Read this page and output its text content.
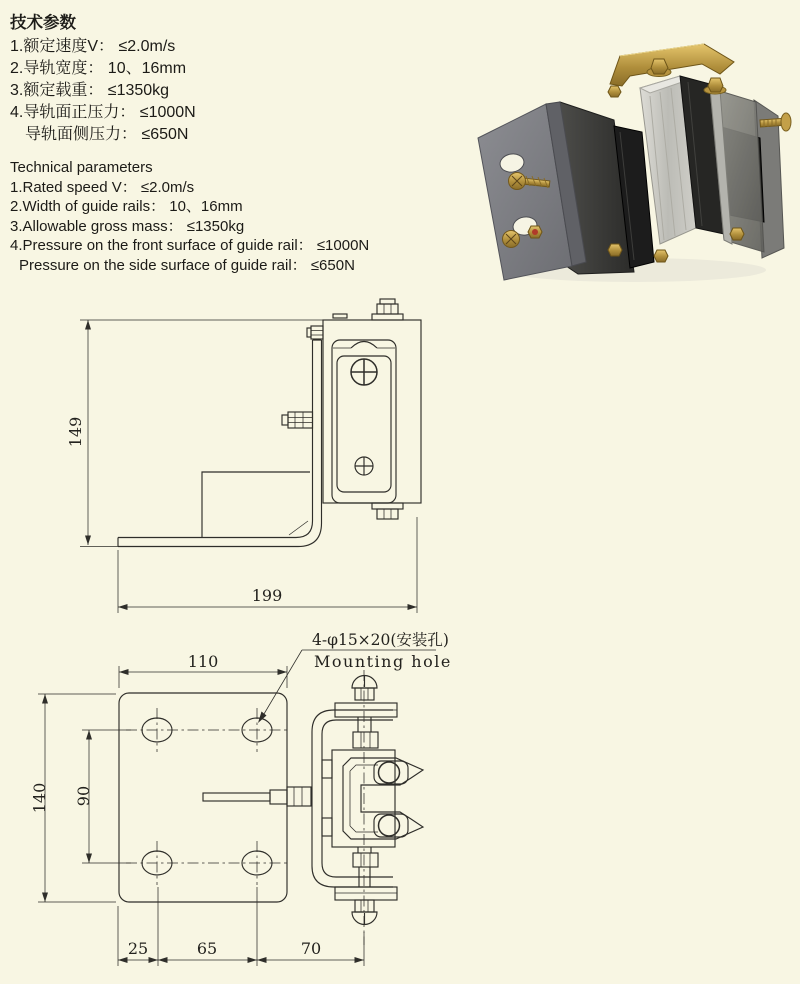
技术参数
1.额定速度V： ≤2.0m/s
2.导轨宽度： 10、16mm
3.额定载重： ≤1350kg
4.导轨面正压力： ≤1000N
导轨面侧压力： ≤650N
Technical parameters
1.Rated speed V： ≤2.0m/s
2.Width of guide rails： 10、16mm
3.Allowable gross mass： ≤1350kg
4.Pressure on the front surface of guide rail： ≤1000N
Pressure on the side surface of guide rail： ≤650N
149
199
4-φ15×20(安装孔)
Mounting hole
110
140 90
25	65	70
